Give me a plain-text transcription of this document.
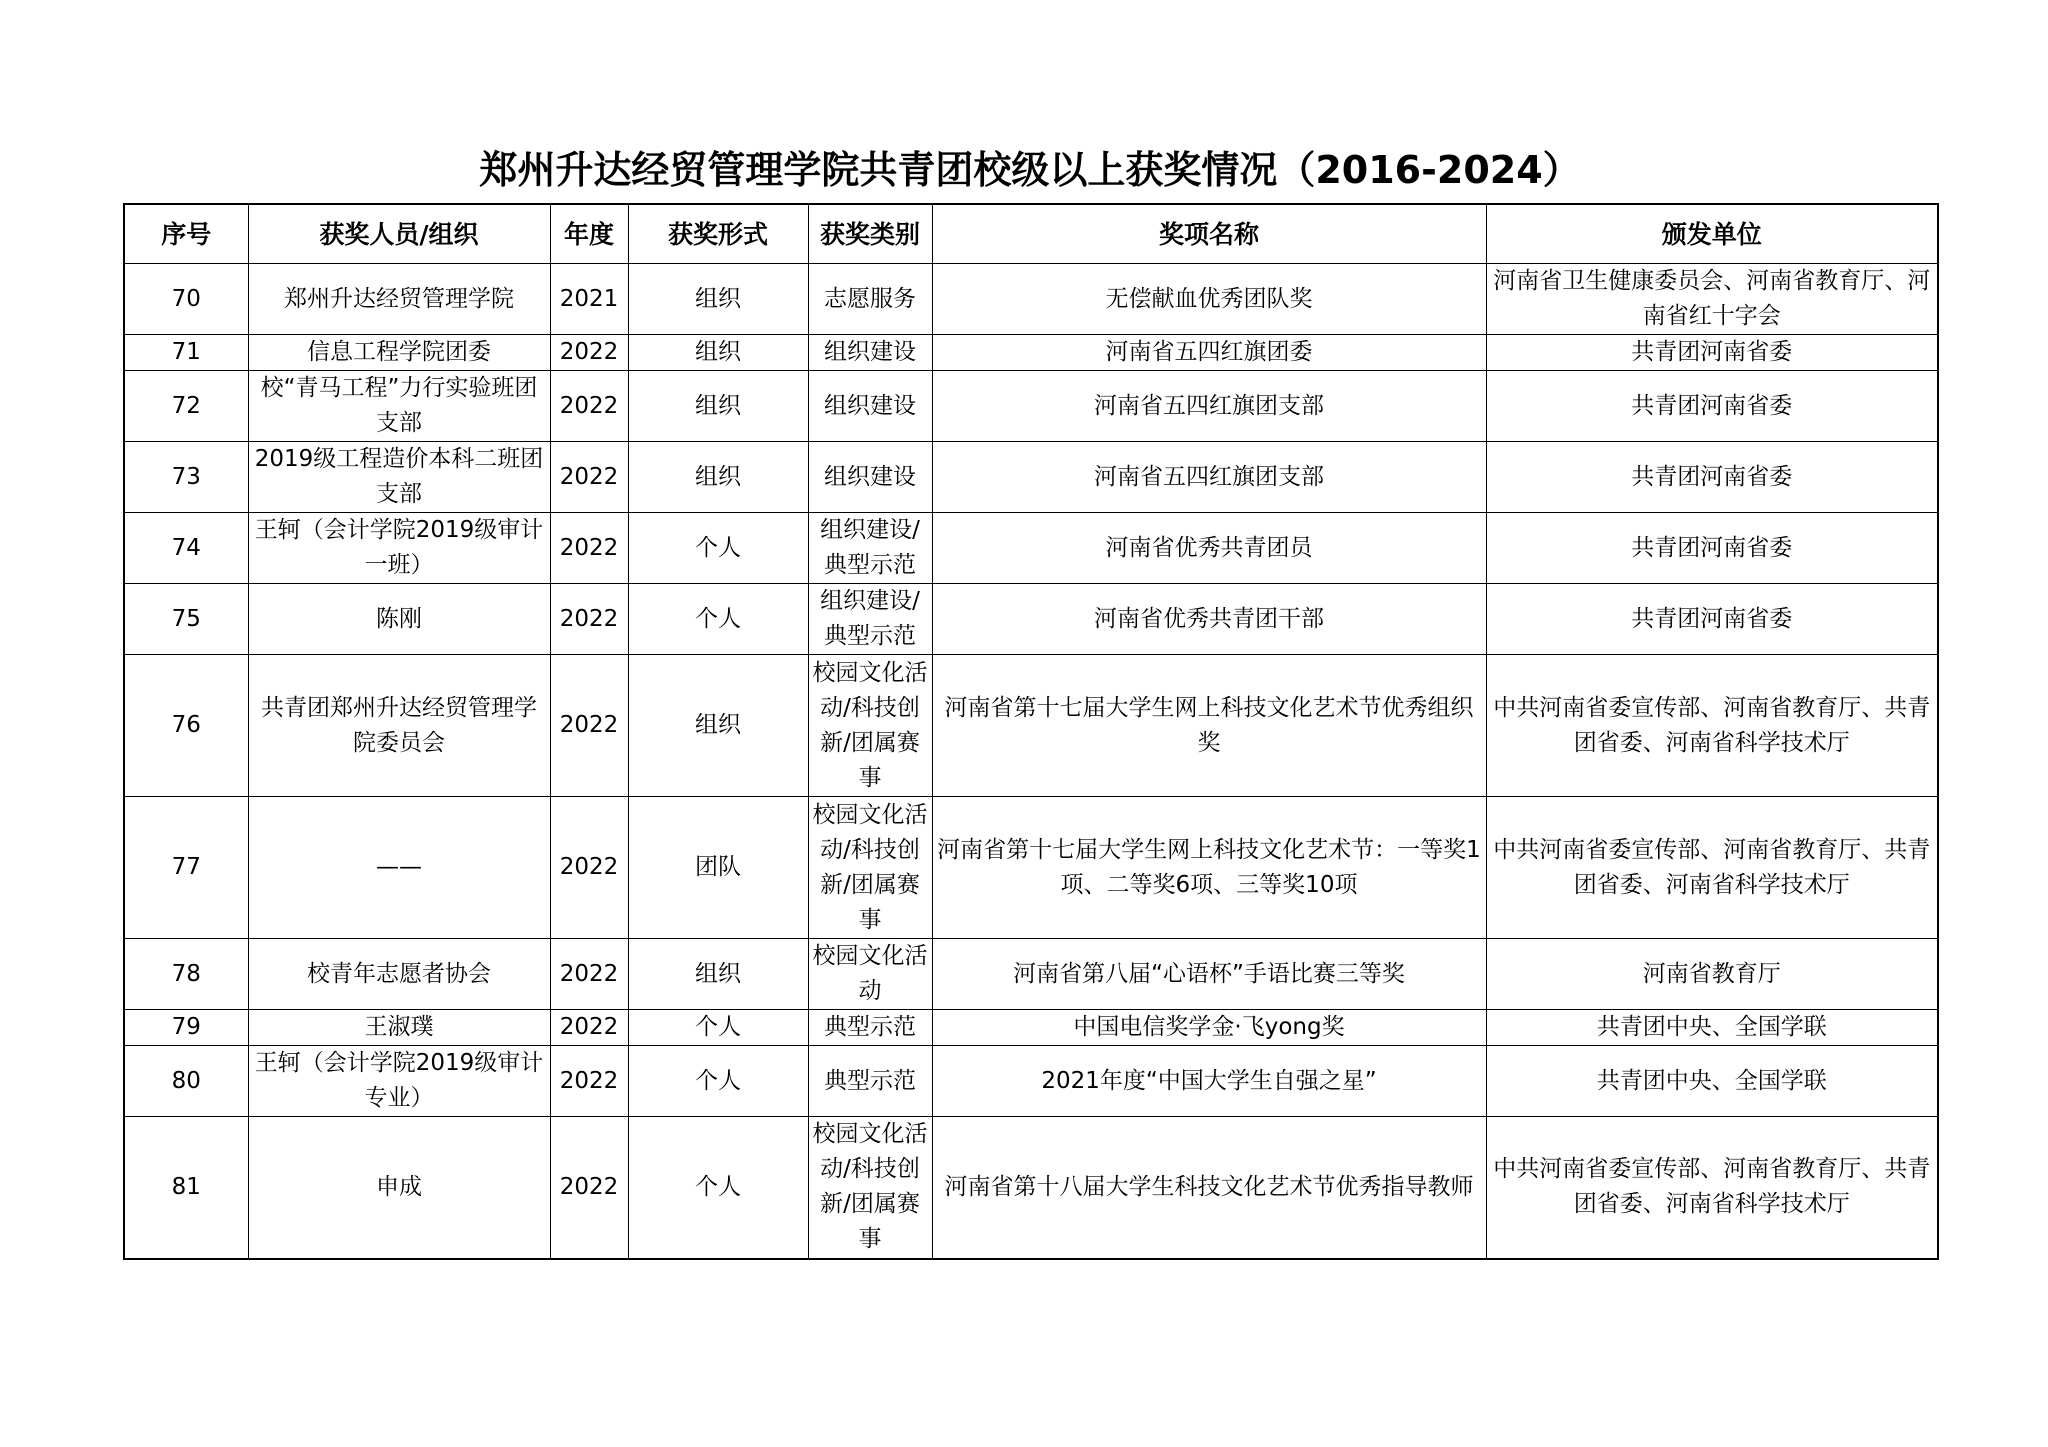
郑州升达经贸管理学院共青团校级以上获奖情况（2016-2024）
序号	获奖人员/组织	年度	获奖形式	获奖类别	奖项名称	颁发单位
70	郑州升达经贸管理学院	2021	组织	志愿服务	无偿献血优秀团队奖	河南省卫生健康委员会、河南省教育厅、河南省红十字会
71	信息工程学院团委	2022	组织	组织建设	河南省五四红旗团委	共青团河南省委
72	校“青马工程”力行实验班团支部	2022	组织	组织建设	河南省五四红旗团支部	共青团河南省委
73	2019级工程造价本科二班团支部	2022	组织	组织建设	河南省五四红旗团支部	共青团河南省委
74	王轲（会计学院2019级审计一班）	2022	个人	组织建设/典型示范	河南省优秀共青团员	共青团河南省委
75	陈刚	2022	个人	组织建设/典型示范	河南省优秀共青团干部	共青团河南省委
76	共青团郑州升达经贸管理学院委员会	2022	组织	校园文化活动/科技创新/团属赛事	河南省第十七届大学生网上科技文化艺术节优秀组织奖	中共河南省委宣传部、河南省教育厅、共青团省委、河南省科学技术厅
77	——	2022	团队	校园文化活动/科技创新/团属赛事	河南省第十七届大学生网上科技文化艺术节：一等奖1项、二等奖6项、三等奖10项	中共河南省委宣传部、河南省教育厅、共青团省委、河南省科学技术厅
78	校青年志愿者协会	2022	组织	校园文化活动	河南省第八届“心语杯”手语比赛三等奖	河南省教育厅
79	王淑璞	2022	个人	典型示范	中国电信奖学金·飞yong奖	共青团中央、全国学联
80	王轲（会计学院2019级审计专业）	2022	个人	典型示范	2021年度“中国大学生自强之星”	共青团中央、全国学联
81	申成	2022	个人	校园文化活动/科技创新/团属赛事	河南省第十八届大学生科技文化艺术节优秀指导教师	中共河南省委宣传部、河南省教育厅、共青团省委、河南省科学技术厅
